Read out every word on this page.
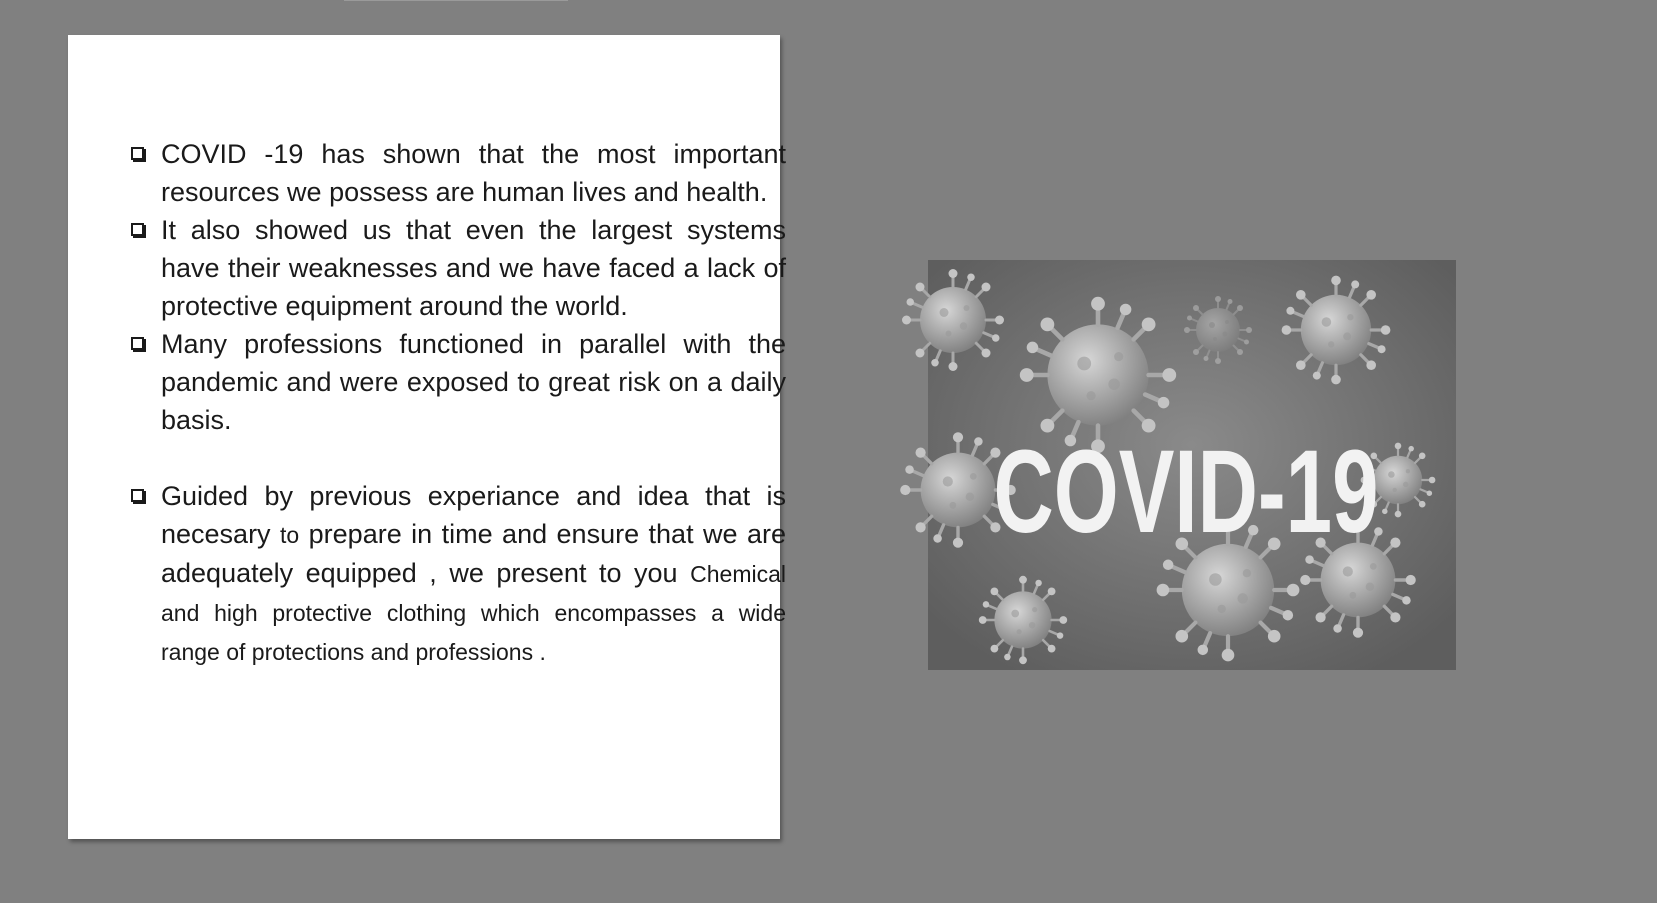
COVID -19 has shown that the most important resources we possess are human lives and health.
It also showed us that even the largest systems have their weaknesses and we have faced a lack of protective equipment around the world.
Many professions functioned in parallel with the pandemic and were exposed to great risk on a daily basis.
Guided by previous experiance and idea that is necesary to prepare in time and ensure that we are adequately equipped , we present to you Chemical and high protective clothing which encompasses a wide range of protections and professions .
COVID-19
